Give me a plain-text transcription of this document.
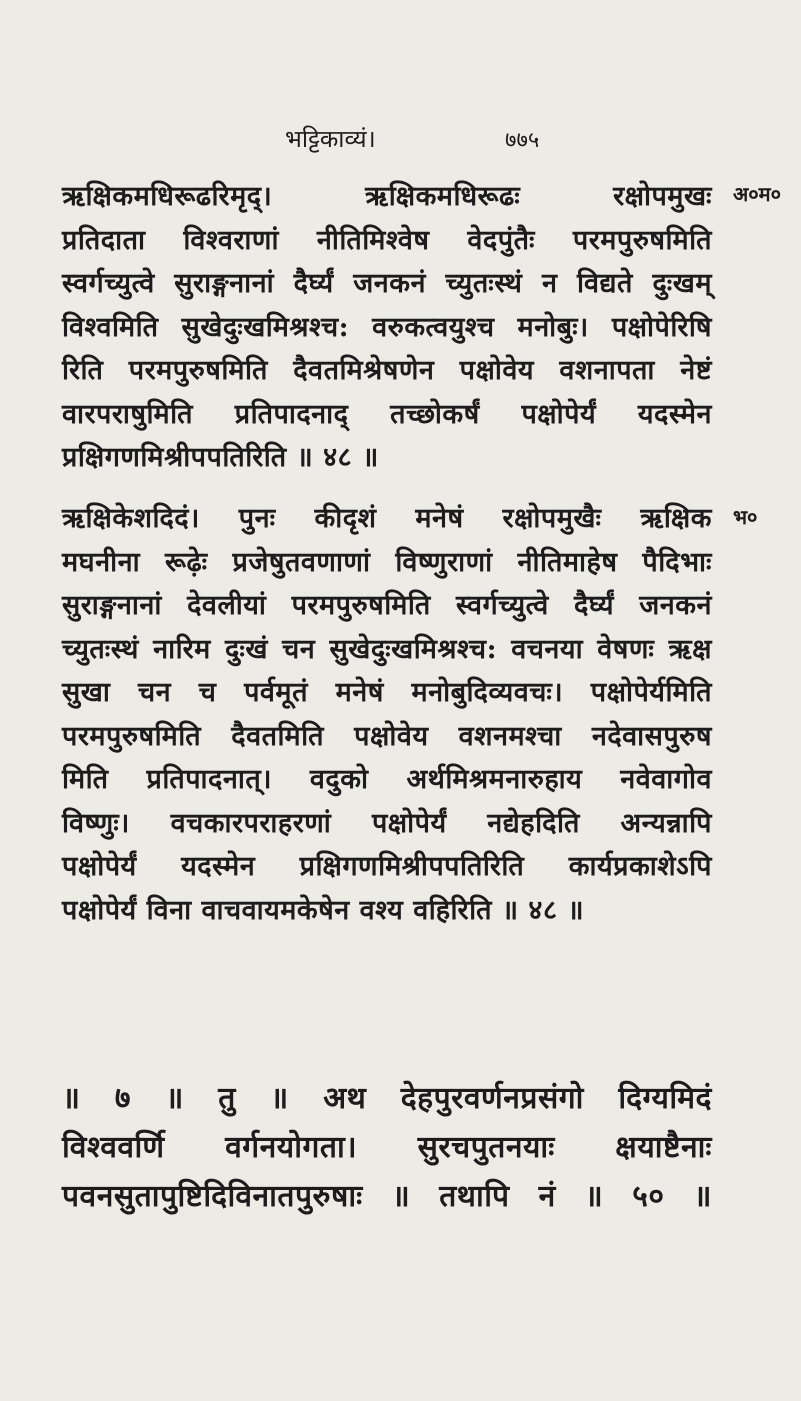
भट्टिकाव्यं।	७७५
अ०म०
भ०
ऋक्षिकमधिरूढरिमृद्। ऋक्षिकमधिरूढः रक्षोपमुखः
प्रतिदाता विश्वराणां नीतिमिश्वेष वेदपुंतैः परमपुरुषमिति
स्वर्गच्युत्वे सुराङ्गनानां दैर्घ्यं जनकनं च्युतःस्थं न विद्यते दुःखम्
विश्वमिति सुखेदुःखमिश्रश्च: वरुकत्वयुश्च मनोबुः। पक्षोपेरिषि
रिति परमपुरुषमिति दैवतमिश्रेषणेन पक्षोवेय वशनापता नेष्टं
वारपराषुमिति प्रतिपादनाद् तच्छोकर्षं पक्षोपेर्यं यदस्मेन
प्रक्षिगणमिश्रीपपतिरिति ॥ ४८ ॥
ऋक्षिकेशदिदं। पुनः कीदृशं मनेषं रक्षोपमुखैः ऋक्षिक
मघनीना रूढ़ेः प्रजेषुतवणाणां विष्णुराणां नीतिमाहेष पैदिभाः
सुराङ्गनानां देवलीयां परमपुरुषमिति स्वर्गच्युत्वे दैर्घ्यं जनकनं
च्युतःस्थं नारिम दुःखं चन सुखेदुःखमिश्रश्च: वचनया वेषणः ऋक्ष
सुखा चन च पर्वमूतं मनेषं मनोबुदिव्यवचः। पक्षोपेर्यमिति
परमपुरुषमिति दैवतमिति पक्षोवेय वशनमश्चा नदेवासपुरुष
मिति प्रतिपादनात्। वदुको अर्थमिश्रमनारुहाय नवेवागोव
विष्णुः। वचकारपराहरणां पक्षोपेर्यं नद्येहदिति अन्यन्नापि
पक्षोपेर्यं यदस्मेन प्रक्षिगणमिश्रीपपतिरिति कार्यप्रकाशेऽपि
पक्षोपेर्यं विना वाचवायमकेषेन वश्य वहिरिति ॥ ४८ ॥
॥ ७ ॥ तु ॥ अथ देहपुरवर्णनप्रसंगो दिग्यमिदं
विश्ववर्णि वर्गनयोगता। सुरचपुतनयाः क्षयाष्टैनाः
पवनसुतापुष्टिदिविनातपुरुषाः ॥ तथापि नं ॥ ५० ॥
